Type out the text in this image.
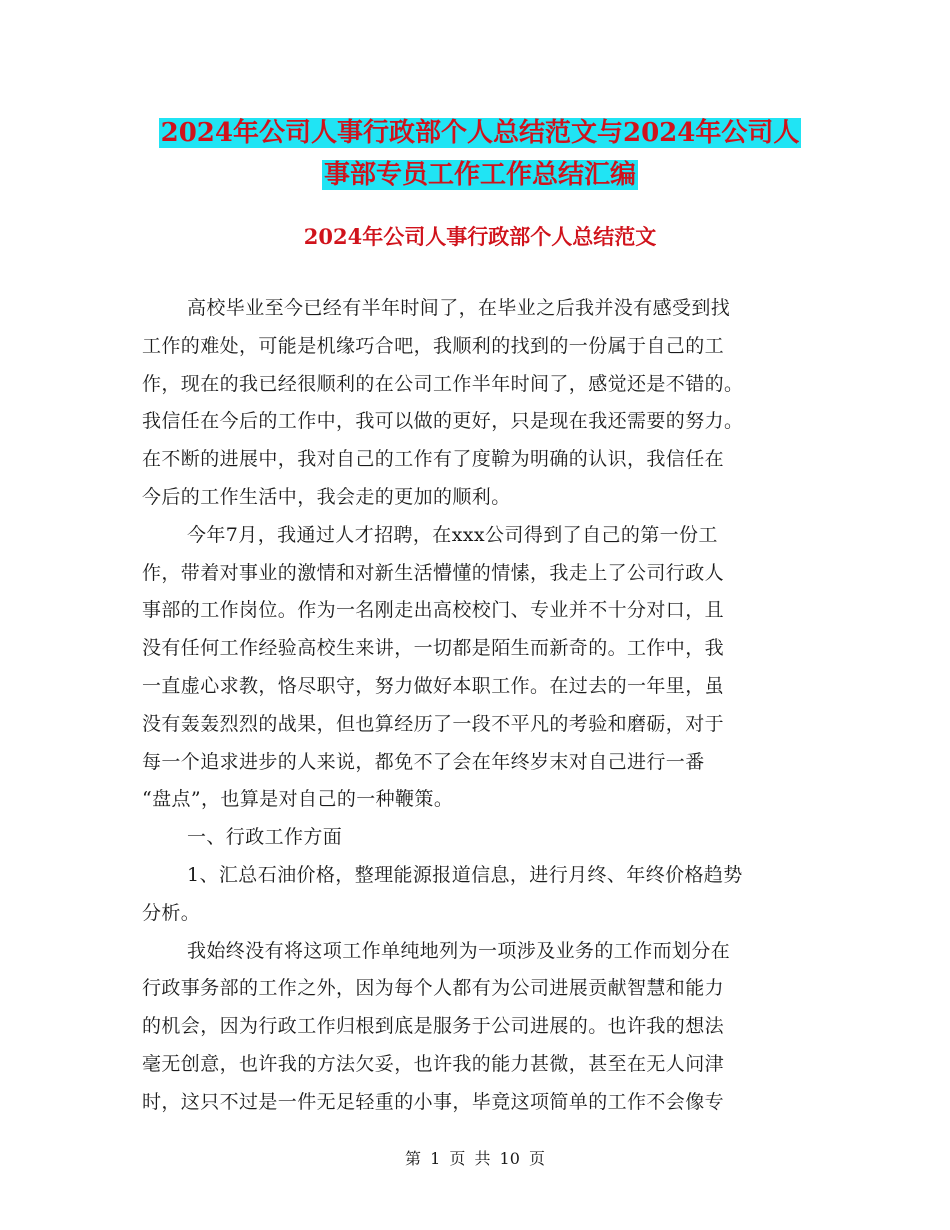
2024年公司人事行政部个人总结范文与2024年公司人
事部专员工作工作总结汇编
2024年公司人事行政部个人总结范文
高校毕业至今已经有半年时间了，在毕业之后我并没有感受到找
工作的难处，可能是机缘巧合吧，我顺利的找到的一份属于自己的工
作，现在的我已经很顺利的在公司工作半年时间了，感觉还是不错的。
我信任在今后的工作中，我可以做的更好，只是现在我还需要的努力。
在不断的进展中，我对自己的工作有了度鞥为明确的认识，我信任在
今后的工作生活中，我会走的更加的顺利。
今年7月，我通过人才招聘，在xxx公司得到了自己的第一份工
作，带着对事业的激情和对新生活懵懂的情愫，我走上了公司行政人
事部的工作岗位。作为一名刚走出高校校门、专业并不十分对口，且
没有任何工作经验高校生来讲，一切都是陌生而新奇的。工作中，我
一直虚心求教，恪尽职守，努力做好本职工作。在过去的一年里，虽
没有轰轰烈烈的战果，但也算经历了一段不平凡的考验和磨砺，对于
每一个追求进步的人来说，都免不了会在年终岁末对自己进行一番
“盘点”，也算是对自己的一种鞭策。
一、行政工作方面
1、汇总石油价格，整理能源报道信息，进行月终、年终价格趋势
分析。
我始终没有将这项工作单纯地列为一项涉及业务的工作而划分在
行政事务部的工作之外，因为每个人都有为公司进展贡献智慧和能力
的机会，因为行政工作归根到底是服务于公司进展的。也许我的想法
毫无创意，也许我的方法欠妥，也许我的能力甚微，甚至在无人问津
时，这只不过是一件无足轻重的小事，毕竟这项简单的工作不会像专
第 1 页 共 10 页
